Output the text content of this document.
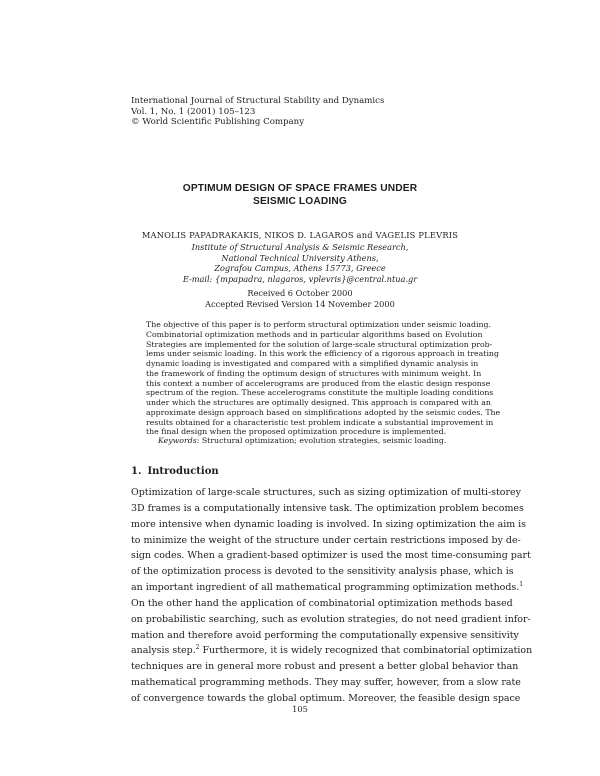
International Journal of Structural Stability and Dynamics
Vol. 1, No. 1 (2001) 105–123
© World Scientific Publishing Company
OPTIMUM DESIGN OF SPACE FRAMES UNDER
SEISMIC LOADING
MANOLIS PAPADRAKAKIS, NIKOS D. LAGAROS and VAGELIS PLEVRIS
Institute of Structural Analysis & Seismic Research,
National Technical University Athens,
Zografou Campus, Athens 15773, Greece
E-mail: {mpapadra, nlagaros, vplevris}@central.ntua.gr
Received 6 October 2000
Accepted Revised Version 14 November 2000
The objective of this paper is to perform structural optimization under seismic loading.
Combinatorial optimization methods and in particular algorithms based on Evolution
Strategies are implemented for the solution of large-scale structural optimization prob-
lems under seismic loading. In this work the efficiency of a rigorous approach in treating
dynamic loading is investigated and compared with a simplified dynamic analysis in
the framework of finding the optimum design of structures with minimum weight. In
this context a number of accelerograms are produced from the elastic design response
spectrum of the region. These accelerograms constitute the multiple loading conditions
under which the structures are optimally designed. This approach is compared with an
approximate design approach based on simplifications adopted by the seismic codes. The
results obtained for a characteristic test problem indicate a substantial improvement in
the final design when the proposed optimization procedure is implemented.
Keywords: Structural optimization; evolution strategies, seismic loading.
1. Introduction
Optimization of large-scale structures, such as sizing optimization of multi-storey
3D frames is a computationally intensive task. The optimization problem becomes
more intensive when dynamic loading is involved. In sizing optimization the aim is
to minimize the weight of the structure under certain restrictions imposed by de-
sign codes. When a gradient-based optimizer is used the most time-consuming part
of the optimization process is devoted to the sensitivity analysis phase, which is
an important ingredient of all mathematical programming optimization methods.$^1$
On the other hand the application of combinatorial optimization methods based
on probabilistic searching, such as evolution strategies, do not need gradient infor-
mation and therefore avoid performing the computationally expensive sensitivity
analysis step.$^2$ Furthermore, it is widely recognized that combinatorial optimization
techniques are in general more robust and present a better global behavior than
mathematical programming methods. They may suffer, however, from a slow rate
of convergence towards the global optimum. Moreover, the feasible design space
105
